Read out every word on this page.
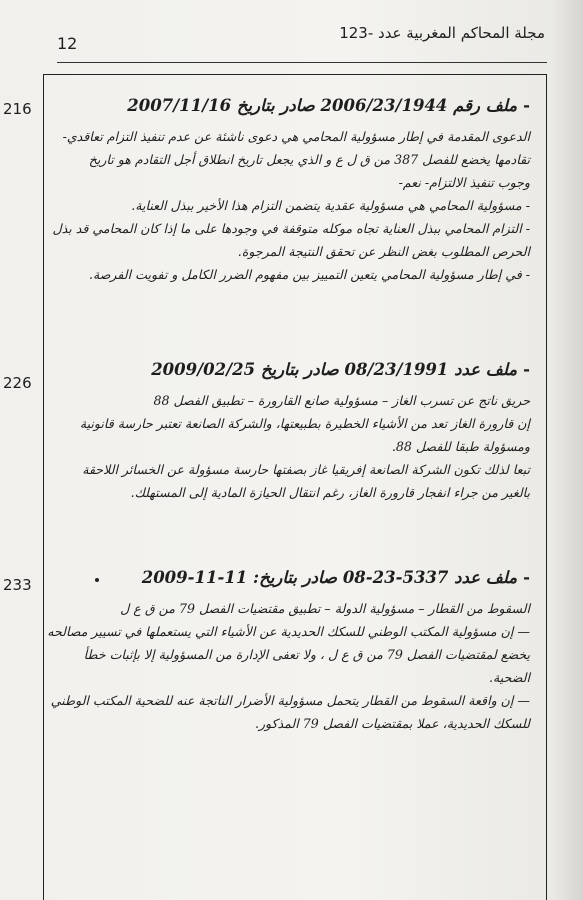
مجلة المحاكم المغربية عدد -123
12
216	-ملف رقم 2006/23/1944 صادر بتاريخ 2007/11/16

الدعوى المقدمة في إطار مسؤولية المحامي هي دعوى ناشئة عن عدم تنفيذ التزام تعاقدي-

تقادمها يخضع للفصل 387 من ق ل ع و الذي يجعل تاريخ انطلاق أجل التقادم هو تاريخ

وجوب تنفيذ الالتزام- نعم-

- مسؤولية المحامي هي مسؤولية عقدية يتضمن التزام هذا الأخير ببذل العناية.

- التزام المحامي ببذل العناية تجاه موكله متوقفة في وجودها على ما إذا كان المحامي قد بذل

الحرص المطلوب بغض النظر عن تحقق النتيجة المرجوة.

- في إطار مسؤولية المحامي يتعين التمييز بين مفهوم الضرر الكامل و تفويت الفرصة.

226

-ملف عدد 08/23/1991 صادر بتاريخ 2009/02/25

حريق ناتج عن تسرب الغاز – مسؤولية صانع القارورة – تطبيق الفصل 88

إن قارورة الغاز تعد من الأشياء الخطيرة بطبيعتها، والشركة الصانعة تعتبر حارسة قانونية

ومسؤولة طبقا للفصل 88.

تبعا لذلك تكون الشركة الصانعة إفريقيا غاز بصفتها حارسة مسؤولة عن الخسائر اللاحقة

بالغير من جراء انفجار قارورة الغاز، رغم انتقال الحيازة المادية إلى المستهلك.

233	-ملف عدد 5337-23-08 صادر بتاريخ: 11-11-2009

السقوط من القطار – مسؤولية الدولة – تطبيق مقتضيات الفصل 79 من ق ع ل

— إن مسؤولية المكتب الوطني للسكك الحديدية عن الأشياء التي يستعملها في تسيير مصالحه

يخضع لمقتضيات الفصل 79 من ق ع ل ، ولا تعفى الإدارة من المسؤولية إلا بإثبات خطأ

الضحية.

— إن واقعة السقوط من القطار يتحمل مسؤولية الأضرار الناتجة عنه للضحية المكتب الوطني

للسكك الحديدية، عملا بمقتضيات الفصل 79 المذكور.
